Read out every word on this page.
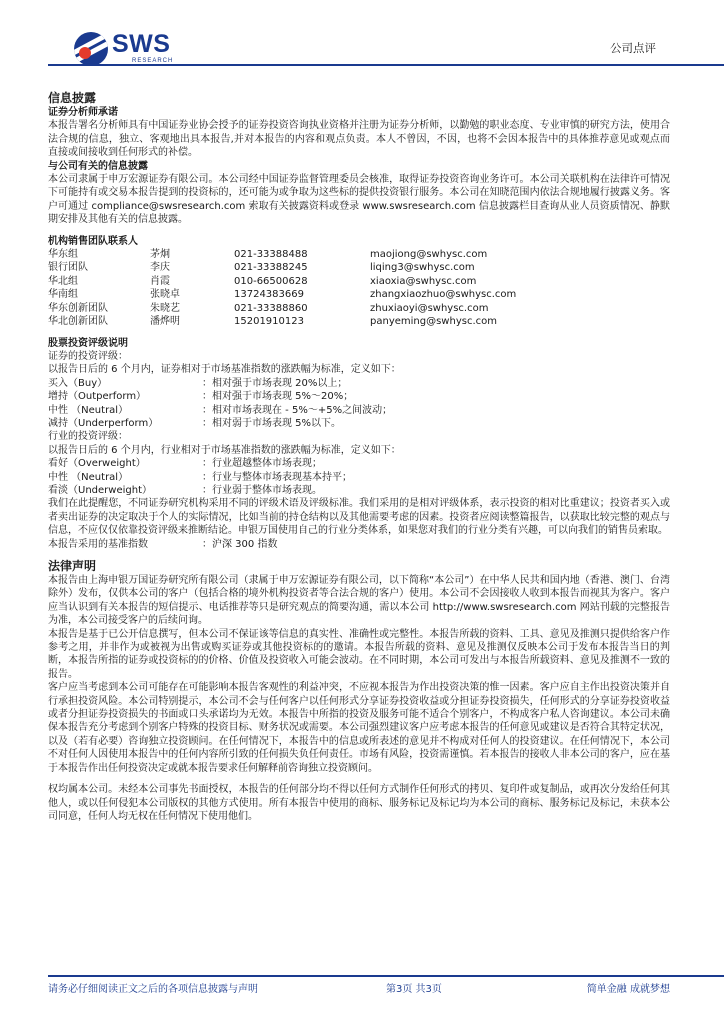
SWS
RESEARCH
公司点评
信息披露
证券分析师承诺

本报告署名分析师具有中国证券业协会授予的证券投资咨询执业资格并注册为证券分析师，以勤勉的职业态度、专业审慎的研究方法，使用合法合规的信息，独立、客观地出具本报告,并对本报告的内容和观点负责。本人不曾因，不因，也将不会因本报告中的具体推荐意见或观点而直接或间接收到任何形式的补偿。

与公司有关的信息披露

本公司隶属于申万宏源证券有限公司。本公司经中国证券监督管理委员会核准，取得证券投资咨询业务许可。本公司关联机构在法律许可情况下可能持有或交易本报告提到的投资标的，还可能为或争取为这些标的提供投资银行服务。本公司在知晓范围内依法合规地履行披露义务。客户可通过 compliance@swsresearch.com 索取有关披露资料或登录 www.swsresearch.com 信息披露栏目查询从业人员资质情况、静默期安排及其他有关的信息披露。

机构销售团队联系人
华东组	茅炯	021-33388488	maojiong@swhysc.com
银行团队	李庆	021-33388245	liqing3@swhysc.com
华北组	肖霞	010-66500628	xiaoxia@swhysc.com
华南组	张晓卓	13724383669	zhangxiaozhuo@swhysc.com
华东创新团队	朱晓艺	021-33388860	zhuxiaoyi@swhysc.com
华北创新团队	潘烨明	15201910123	panyeming@swhysc.com
股票投资评级说明
证券的投资评级：
以报告日后的 6 个月内，证券相对于市场基准指数的涨跌幅为标准，定义如下：
买入（Buy）	：相对强于市场表现 20%以上；
增持（Outperform）	：相对强于市场表现 5%～20%；
中性 （Neutral）	：相对市场表现在 - 5%～+5%之间波动；
减持（Underperform）	：相对弱于市场表现 5%以下。
行业的投资评级：
以报告日后的 6 个月内，行业相对于市场基准指数的涨跌幅为标准，定义如下：
看好（Overweight）	：行业超越整体市场表现；
中性 （Neutral）	：行业与整体市场表现基本持平；
看淡（Underweight）	：行业弱于整体市场表现。

我们在此提醒您，不同证券研究机构采用不同的评级术语及评级标准。我们采用的是相对评级体系，表示投资的相对比重建议；投资者买入或者卖出证券的决定取决于个人的实际情况，比如当前的持仓结构以及其他需要考虑的因素。投资者应阅读整篇报告，以获取比较完整的观点与信息，不应仅仅依靠投资评级来推断结论。申银万国使用自己的行业分类体系，如果您对我们的行业分类有兴趣，可以向我们的销售员索取。

本报告采用的基准指数	：沪深 300 指数
法律声明

本报告由上海申银万国证券研究所有限公司（隶属于申万宏源证券有限公司，以下简称“本公司”）在中华人民共和国内地（香港、澳门、台湾除外）发布，仅供本公司的客户（包括合格的境外机构投资者等合法合规的客户）使用。本公司不会因接收人收到本报告而视其为客户。客户应当认识到有关本报告的短信提示、电话推荐等只是研究观点的简要沟通，需以本公司 http://www.swsresearch.com 网站刊载的完整报告为准，本公司接受客户的后续问询。

本报告是基于已公开信息撰写，但本公司不保证该等信息的真实性、准确性或完整性。本报告所载的资料、工具、意见及推测只提供给客户作参考之用，并非作为或被视为出售或购买证券或其他投资标的的邀请。本报告所载的资料、意见及推测仅反映本公司于发布本报告当日的判断，本报告所指的证券或投资标的的价格、价值及投资收入可能会波动。在不同时期，本公司可发出与本报告所载资料、意见及推测不一致的报告。

客户应当考虑到本公司可能存在可能影响本报告客观性的利益冲突，不应视本报告为作出投资决策的惟一因素。客户应自主作出投资决策并自行承担投资风险。本公司特别提示，本公司不会与任何客户以任何形式分享证券投资收益或分担证券投资损失，任何形式的分享证券投资收益或者分担证券投资损失的书面或口头承诺均为无效。本报告中所指的投资及服务可能不适合个别客户，不构成客户私人咨询建议。本公司未确保本报告充分考虑到个别客户特殊的投资目标、财务状况或需要。本公司强烈建议客户应考虑本报告的任何意见或建议是否符合其特定状况，以及（若有必要）咨询独立投资顾问。在任何情况下，本报告中的信息或所表述的意见并不构成对任何人的投资建议。在任何情况下，本公司不对任何人因使用本报告中的任何内容所引致的任何损失负任何责任。市场有风险，投资需谨慎。若本报告的接收人非本公司的客户，应在基于本报告作出任何投资决定或就本报告要求任何解释前咨询独立投资顾问。

权均属本公司。未经本公司事先书面授权，本报告的任何部分均不得以任何方式制作任何形式的拷贝、复印件或复制品，或再次分发给任何其他人，或以任何侵犯本公司版权的其他方式使用。所有本报告中使用的商标、服务标记及标记均为本公司的商标、服务标记及标记，未获本公司同意，任何人均无权在任何情况下使用他们。

请务必仔细阅读正文之后的各项信息披露与声明	第3页 共3页	简单金融 成就梦想
